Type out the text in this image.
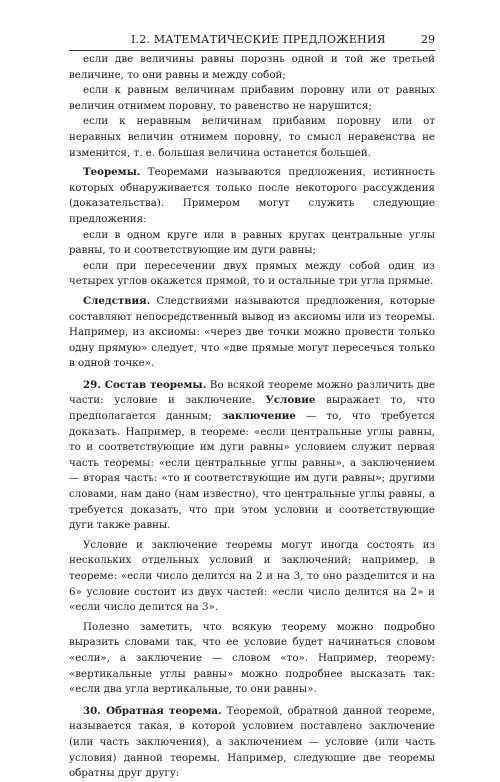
I.2. МАТЕМАТИЧЕСКИЕ ПРЕДЛОЖЕНИЯ	29

если две величины равны порознь одной и той же третьей величине, то они равны и между собой;

если к равным величинам прибавим поровну или от равных величин отнимем поровну, то равенство не нарушится;

если к неравным величинам прибавим поровну или от неравных величин отнимем поровну, то смысл неравенства не изменится, т. е. большая величина останется большей.

Теоремы. Теоремами называются предложения, истинность которых обнаруживается только после некоторого рассуждения (доказательства). Примером могут служить следующие предложения:

если в одном круге или в равных кругах центральные углы равны, то и соответствующие им дуги равны;

если при пересечении двух прямых между собой один из четырех углов окажется прямой, то и остальные три угла прямые.

Следствия. Следствиями называются предложения, которые составляют непосредственный вывод из аксиомы или из теоремы. Например, из аксиомы: «через две точки можно провести только одну прямую» следует, что «две прямые могут пересечься только в одной точке».

29. Состав теоремы. Во всякой теореме можно различить две части: условие и заключение. Условие выражает то, что предполагается данным; заключение — то, что требуется доказать. Например, в теореме: «если центральные углы равны, то и соответствующие им дуги равны» условием служит первая часть теоремы: «если центральные углы равны», а заключением — вторая часть: «то и соответствующие им дуги равны»; другими словами, нам дано (нам известно), что центральные углы равны, а требуется доказать, что при этом условии и соответствующие дуги также равны.

Условие и заключение теоремы могут иногда состоять из нескольких отдельных условий и заключений; например, в теореме: «если число делится на 2 и на 3, то оно разделится и на 6» условие состоит из двух частей: «если число делится на 2» и «если число делится на 3».

Полезно заметить, что всякую теорему можно подробно выразить словами так, что ее условие будет начинаться словом «если», а заключение — словом «то». Например, теорему: «вертикальные углы равны» можно подробнее высказать так: «если два угла вертикальные, то они равны».

30. Обратная теорема. Теоремой, обратной данной теореме, называется такая, в которой условием поставлено заключение (или часть заключения), а заключением — условие (или часть условия) данной теоремы. Например, следующие две теоремы обратны друг другу:
